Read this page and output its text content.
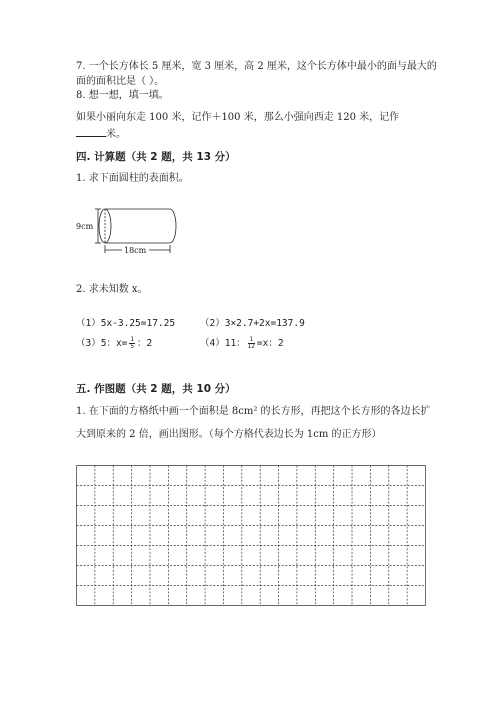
7. 一个长方体长 5 厘米，宽 3 厘米，高 2 厘米，这个长方体中最小的面与最大的
面的面积比是（ ）。
8. 想一想，填一填。
如果小丽向东走 100 米，记作＋100 米，那么小强向西走 120 米，记作
米。
四. 计算题（共 2 题，共 13 分）
1. 求下面圆柱的表面积。
9cm
18cm
2. 求未知数 x。
（1）5x-3.25=17.25	（2）3×2.7+2x=137.9
（3）5：$x= \frac{1}{5}$ ：2	（4）11： $\frac{1}{12} =x$：2
五. 作图题（共 2 题，共 10 分）
1. 在下面的方格纸中画一个面积是 8cm² 的长方形，再把这个长方形的各边长扩
大到原来的 2 倍，画出图形。（每个方格代表边长为 1cm 的正方形）
